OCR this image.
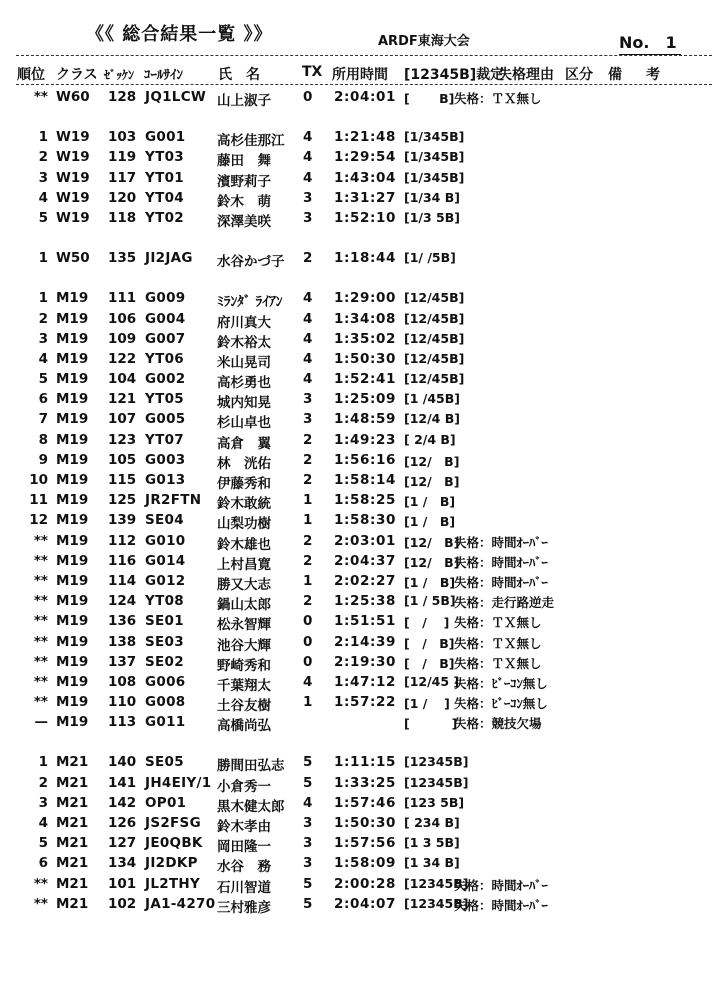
《《 総合結果一覧 》》	ARDF東海大会	No.　1
順位 クラス ｾﾞｯｹﾝ ｺｰﾙｻｲﾝ	氏　名	TX 所用時間 [12345B]裁定
失格理由 区分 備 考
** W60 128 JQ1LCW 山上淑子 0 2:04:01 [　　 B] 失格：ＴＸ無し
1 W19 103 G001 高杉佳那江 4 1:21:48 [1/345B]
2 W19 119 YT03 藤田　舞 4 1:29:54 [1/345B]
3 W19 117 YT01 濱野莉子 4 1:43:04 [1/345B]
4 W19 120 YT04 鈴木　萌 3 1:31:27 [1/34 B]
5 W19 118 YT02 深澤美咲 3 1:52:10 [1/3 5B]
1 W50 135 JI2JAG 水谷かづ子 2 1:18:44 [1/ /5B]
1 M19 111 G009 ﾐﾗﾝﾀﾞ ﾗｲｱﾝ 4 1:29:00 [12/45B]
2 M19 106 G004 府川真大 4 1:34:08 [12/45B]
3 M19 109 G007 鈴木裕太 4 1:35:02 [12/45B]
4 M19 122 YT06 米山晃司 4 1:50:30 [12/45B]
5 M19 104 G002 高杉勇也 4 1:52:41 [12/45B]
6 M19 121 YT05 城内知晃 3 1:25:09 [1 /45B]
7 M19 107 G005 杉山卓也 3 1:48:59 [12/4 B]
8 M19 123 YT07 高倉　翼 2 1:49:23 [ 2/4 B]
9 M19 105 G003 林　洸佑 2 1:56:16 [12/　B]
10 M19 115 G013 伊藤秀和 2 1:58:14 [12/　B]
11 M19 125 JR2FTN 鈴木敢統 1 1:58:25 [1 /　B]
12 M19 139 SE04 山梨功樹 1 1:58:30 [1 /　B]
** M19 112 G010 鈴木雄也 2 2:03:01 [12/　B]
失格：時間ｵｰﾊﾞｰ
** M19 116 G014 上村昌寛 2 2:04:37 [12/　B]
失格：時間ｵｰﾊﾞｰ
** M19 114 G012 勝又大志 1 2:02:27 [1 /　B]
失格：時間ｵｰﾊﾞｰ
** M19 124 YT08 鍋山太郎 2 1:25:38 [1 / 5B]
失格：走行路逆走
** M19 136 SE01 松永智輝 0 1:51:51 [　/　 ] 失格：ＴＸ無し
** M19 138 SE03 池谷大輝 0 2:14:39 [　/　B] 失格：ＴＸ無し
** M19 137 SE02 野崎秀和 0 2:19:30 [　/　B] 失格：ＴＸ無し
** M19 108 G006 千葉翔太 4 1:47:12 [12/45 ]
失格：ﾋﾞｰｺﾝ無し
** M19 110 G008 土谷友樹 1 1:57:22 [1 /　 ] 失格：ﾋﾞｰｺﾝ無し
— M19 113 G011 高橋尚弘	[　　　 ]
失格：競技欠場
1 M21 140 SE05 勝間田弘志 5 1:11:15 [12345B]
2 M21 141 JH4EIY/1 小倉秀一 5 1:33:25 [12345B]
3 M21 142 OP01 黒木健太郎 4 1:57:46 [123 5B]
4 M21 126 JS2FSG 鈴木孝由 3 1:50:30 [ 234 B]
5 M21 127 JE0QBK 岡田隆一 3 1:57:56 [1 3 5B]
6 M21 134 JI2DKP 水谷　務 3 1:58:09 [1 34 B]
** M21 101 JL2THY 石川智道 5 2:00:28 [12345B]
失格：時間ｵｰﾊﾞｰ
** M21 102 JA1-4270 三村雅彦 5 2:04:07 [12345B]
失格：時間ｵｰﾊﾞｰ
